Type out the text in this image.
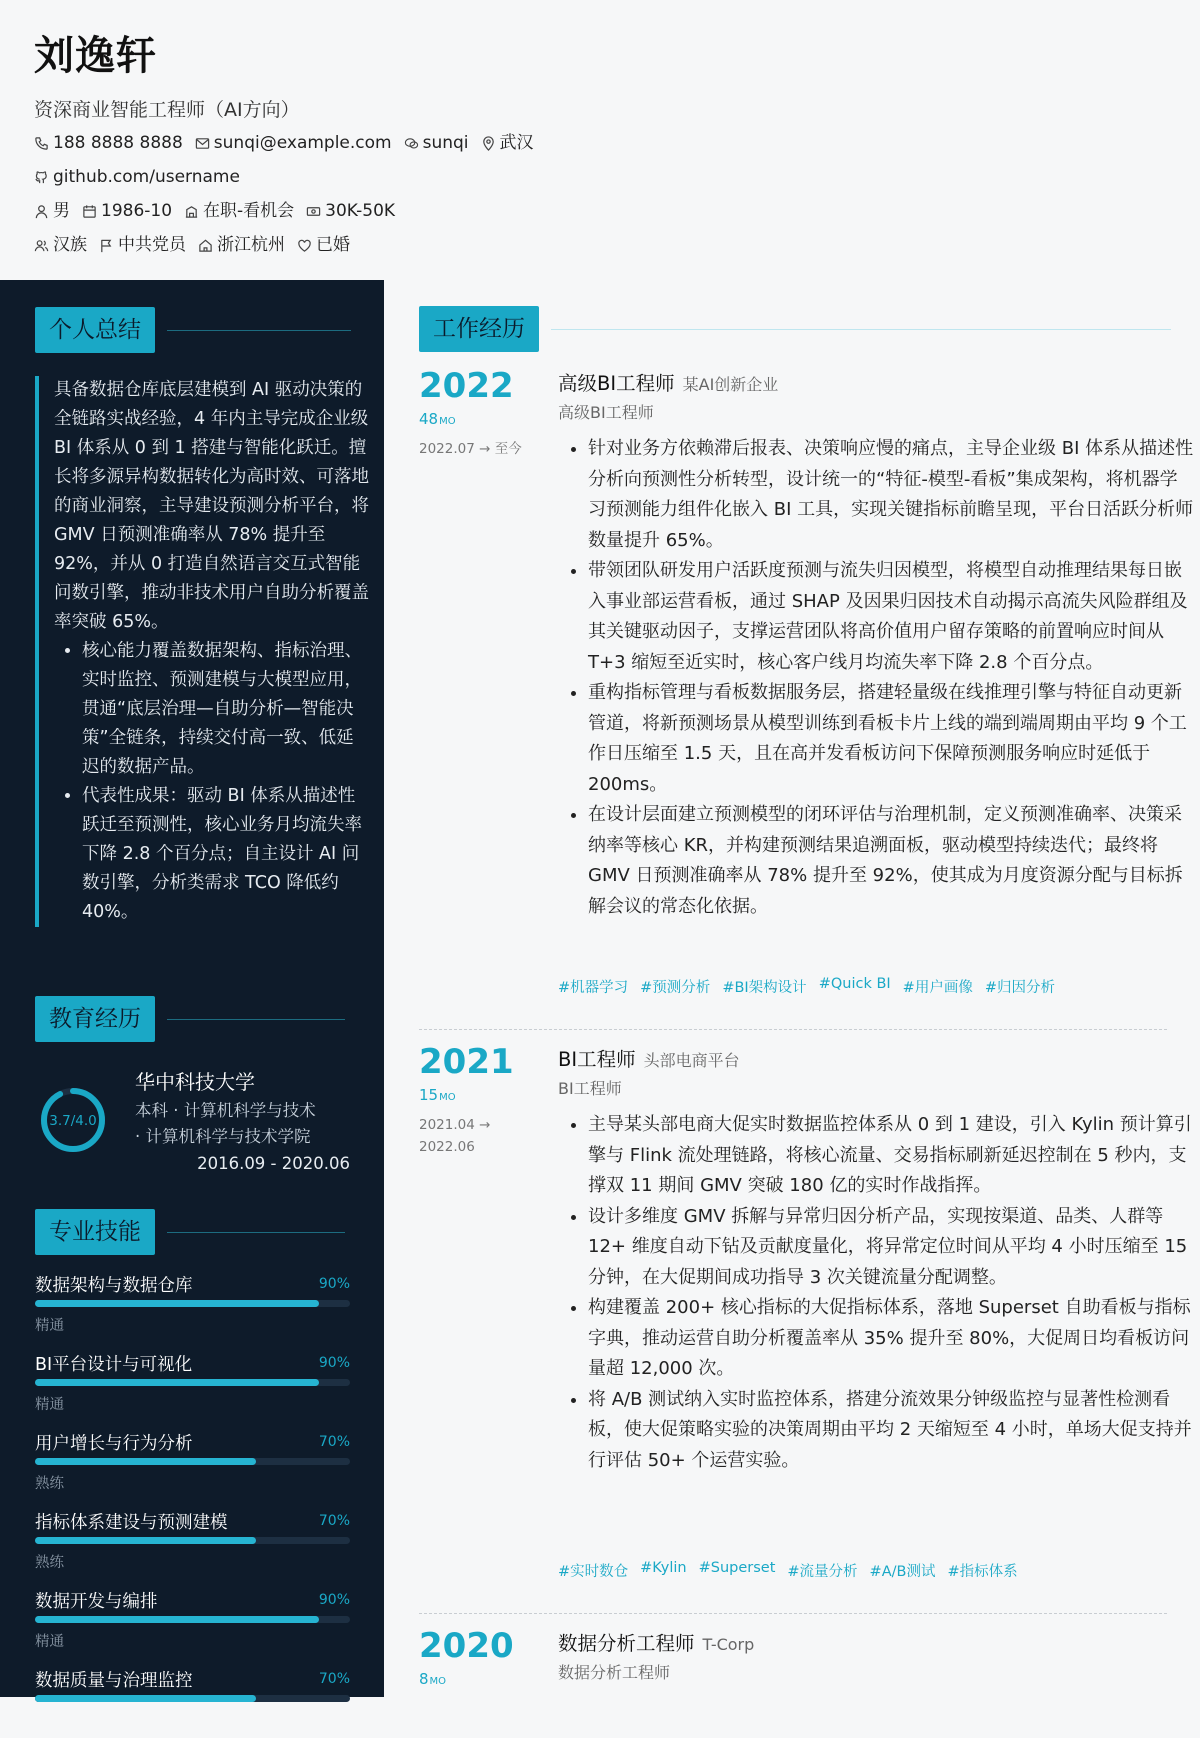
刘逸轩
资深商业智能工程师（AI方向）
188 8888 8888 sunqi@example.com sunqi 武汉
github.com/username
男 1986-10 在职-看机会 30K-50K
汉族 中共党员 浙江杭州 已婚
个人总结

具备数据仓库底层建模到 AI 驱动决策的全链路实战经验，4 年内主导完成企业级 BI 体系从 0 到 1 搭建与智能化跃迁。擅长将多源异构数据转化为高时效、可落地的商业洞察，主导建设预测分析平台，将 GMV 日预测准确率从 78% 提升至 92%，并从 0 打造自然语言交互式智能问数引擎，推动非技术用户自助分析覆盖率突破 65%。

• 核心能力覆盖数据架构、指标治理、实时监控、预测建模与大模型应用，贯通“底层治理—自助分析—智能决策”全链条，持续交付高一致、低延迟的数据产品。
• 代表性成果：驱动 BI 体系从描述性跃迁至预测性，核心业务月均流失率下降 2.8 个百分点；自主设计 AI 问数引擎，分析类需求 TCO 降低约 40%。
教育经历
3.7/4.0
华中科技大学
本科 · 计算机科学与技术
· 计算机科学与技术学院
2016.09 - 2020.06
专业技能
数据架构与数据仓库	90%
精通
BI平台设计与可视化	90%
精通
用户增长与行为分析	70%
熟练
指标体系建设与预测建模	70%
熟练
数据开发与编排	90%
精通
数据质量与治理监控	70%
工作经历
2022
48MO
2022.07 → 至今
高级BI工程师 某AI创新企业
高级BI工程师
• 针对业务方依赖滞后报表、决策响应慢的痛点，主导企业级 BI 体系从描述性分析向预测性分析转型，设计统一的“特征-模型-看板”集成架构，将机器学习预测能力组件化嵌入 BI 工具，实现关键指标前瞻呈现，平台日活跃分析师数量提升 65%。
• 带领团队研发用户活跃度预测与流失归因模型，将模型自动推理结果每日嵌入事业部运营看板，通过 SHAP 及因果归因技术自动揭示高流失风险群组及其关键驱动因子，支撑运营团队将高价值用户留存策略的前置响应时间从 T+3 缩短至近实时，核心客户线月均流失率下降 2.8 个百分点。
• 重构指标管理与看板数据服务层，搭建轻量级在线推理引擎与特征自动更新管道，将新预测场景从模型训练到看板卡片上线的端到端周期由平均 9 个工作日压缩至 1.5 天，且在高并发看板访问下保障预测服务响应时延低于 200ms。
• 在设计层面建立预测模型的闭环评估与治理机制，定义预测准确率、决策采纳率等核心 KR，并构建预测结果追溯面板，驱动模型持续迭代；最终将 GMV 日预测准确率从 78% 提升至 92%，使其成为月度资源分配与目标拆解会议的常态化依据。
#机器学习 #预测分析 #BI架构设计 #Quick BI #用户画像 #归因分析
2021
15MO
2021.04 → 2022.06
BI工程师 头部电商平台
BI工程师
• 主导某头部电商大促实时数据监控体系从 0 到 1 建设，引入 Kylin 预计算引擎与 Flink 流处理链路，将核心流量、交易指标刷新延迟控制在 5 秒内，支撑双 11 期间 GMV 突破 180 亿的实时作战指挥。
• 设计多维度 GMV 拆解与异常归因分析产品，实现按渠道、品类、人群等 12+ 维度自动下钻及贡献度量化，将异常定位时间从平均 4 小时压缩至 15 分钟，在大促期间成功指导 3 次关键流量分配调整。
• 构建覆盖 200+ 核心指标的大促指标体系，落地 Superset 自助看板与指标字典，推动运营自助分析覆盖率从 35% 提升至 80%，大促周日均看板访问量超 12,000 次。
• 将 A/B 测试纳入实时监控体系，搭建分流效果分钟级监控与显著性检测看板，使大促策略实验的决策周期由平均 2 天缩短至 4 小时，单场大促支持并行评估 50+ 个运营实验。
#实时数仓 #Kylin #Superset #流量分析 #A/B测试 #指标体系
2020
8MO
数据分析工程师 T-Corp
数据分析工程师
